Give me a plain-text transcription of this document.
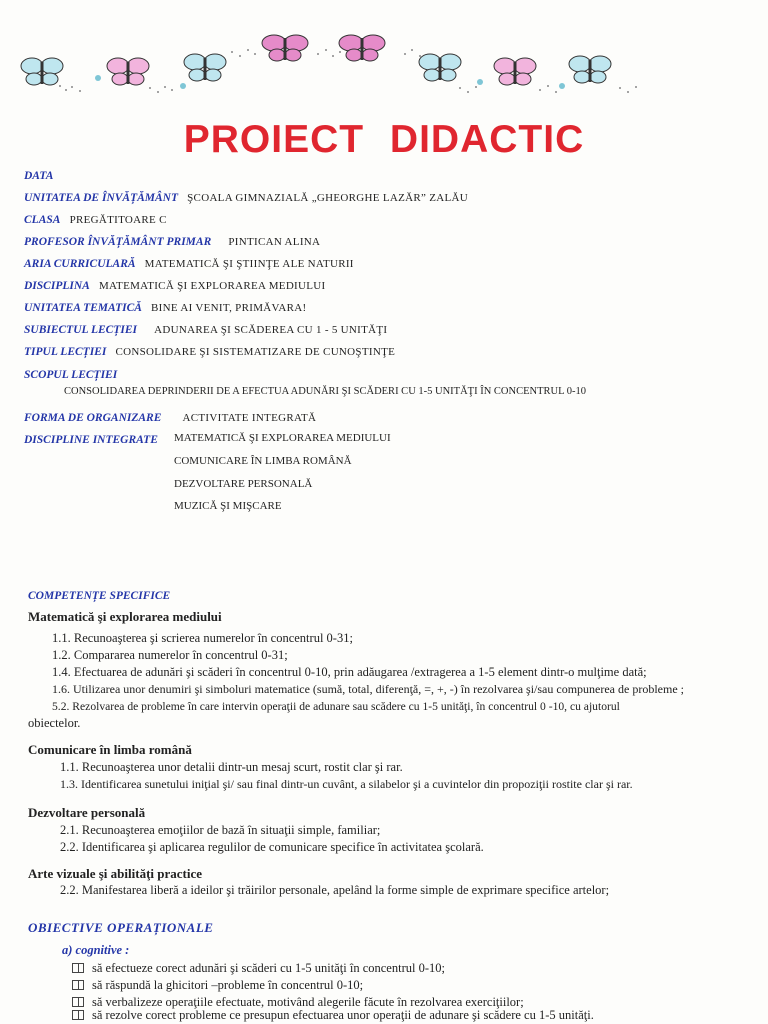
PROIECT DIDACTIC
DATA
UNITATEA DE ÎNVĂȚĂMÂNT ŞCOALA GIMNAZIALĂ „GHEORGHE LAZĂR” ZALĂU
CLASA PREGĂTITOARE C
PROFESOR ÎNVĂȚĂMÂNT PRIMAR PINTICAN ALINA
ARIA CURRICULARĂ MATEMATICĂ ŞI ŞTIINŢE ALE NATURII
DISCIPLINA MATEMATICĂ ŞI EXPLORAREA MEDIULUI
UNITATEA TEMATICĂ BINE AI VENIT, PRIMĂVARA!
SUBIECTUL LECȚIEI ADUNAREA ŞI SCĂDEREA CU 1 - 5 UNITĂŢI
TIPUL LECȚIEI CONSOLIDARE ŞI SISTEMATIZARE DE CUNOŞTINŢE
SCOPUL LECȚIEI
CONSOLIDAREA DEPRINDERII DE A EFECTUA ADUNĂRI ŞI SCĂDERI CU 1-5 UNITĂŢI ÎN CONCENTRUL 0-10
FORMA DE ORGANIZARE ACTIVITATE INTEGRATĂ
DISCIPLINE INTEGRATE MATEMATICĂ ŞI EXPLORAREA MEDIULUI
COMUNICARE ÎN LIMBA ROMÂNĂ
DEZVOLTARE PERSONALĂ
MUZICĂ ŞI MIŞCARE
COMPETENȚE SPECIFICE
Matematică şi explorarea mediului
1.1. Recunoaşterea şi scrierea numerelor în concentrul 0-31;
1.2. Compararea numerelor în concentrul 0-31;
1.4. Efectuarea de adunări şi scăderi în concentrul 0-10, prin adăugarea /extragerea a 1-5 element dintr-o mulţime dată;
1.6. Utilizarea unor denumiri şi simboluri matematice (sumă, total, diferenţă, =, +, -) în rezolvarea şi/sau compunerea de probleme ;
5.2. Rezolvarea de probleme în care intervin operaţii de adunare sau scădere cu 1-5 unităţi, în concentrul 0 -10, cu ajutorul
obiectelor.
Comunicare în limba română
1.1. Recunoaşterea unor detalii dintr-un mesaj scurt, rostit clar şi rar.
1.3. Identificarea sunetului iniţial şi/ sau final dintr-un cuvânt, a silabelor şi a cuvintelor din propoziţii rostite clar şi rar.
Dezvoltare personală
2.1. Recunoaşterea emoţiilor de bază în situaţii simple, familiar;
2.2. Identificarea şi aplicarea regulilor de comunicare specifice în activitatea şcolară.
Arte vizuale şi abilităţi practice
2.2. Manifestarea liberă a ideilor şi trăirilor personale, apelând la forme simple de exprimare specifice artelor;
OBIECTIVE OPERAȚIONALE
a) cognitive :
să efectueze corect adunări şi scăderi cu 1-5 unităţi în concentrul 0-10;
să răspundă la ghicitori –probleme în concentrul 0-10;
să verbalizeze operaţiile efectuate, motivând alegerile făcute în rezolvarea exerciţiilor;
să rezolve corect probleme ce presupun efectuarea unor operaţii de adunare şi scădere cu 1-5 unităţi.
